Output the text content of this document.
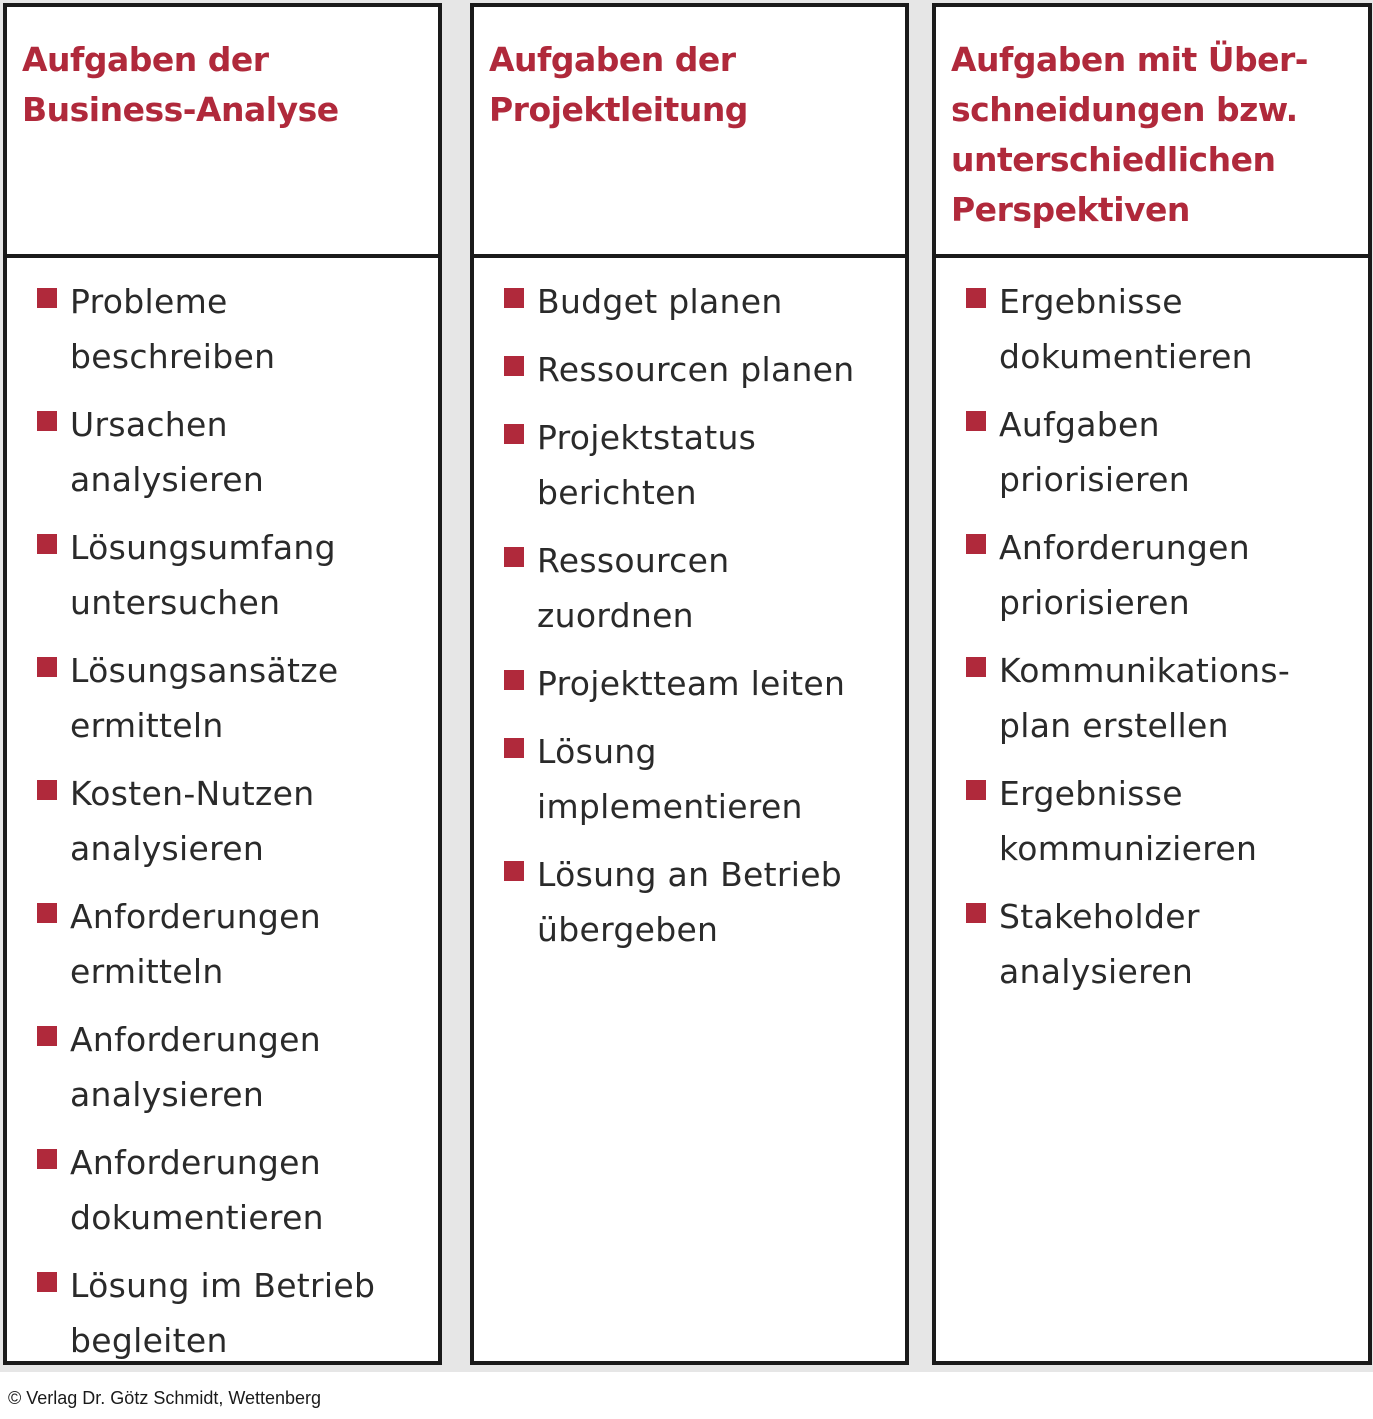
Aufgaben der
Business-Analyse
Probleme
beschreiben
Ursachen
analysieren
Lösungsumfang
untersuchen
Lösungsansätze
ermitteln
Kosten-Nutzen
analysieren
Anforderungen
ermitteln
Anforderungen
analysieren
Anforderungen
dokumentieren
Lösung im Betrieb
begleiten
Aufgaben der
Projektleitung
Budget planen
Ressourcen planen
Projektstatus
berichten
Ressourcen
zuordnen
Projektteam leiten
Lösung
implementieren
Lösung an Betrieb
übergeben
Aufgaben mit Über-
schneidungen bzw.
unterschiedlichen
Perspektiven
Ergebnisse
dokumentieren
Aufgaben
priorisieren
Anforderungen
priorisieren
Kommunikations-
plan erstellen
Ergebnisse
kommunizieren
Stakeholder
analysieren

© Verlag Dr. Götz Schmidt, Wettenberg
